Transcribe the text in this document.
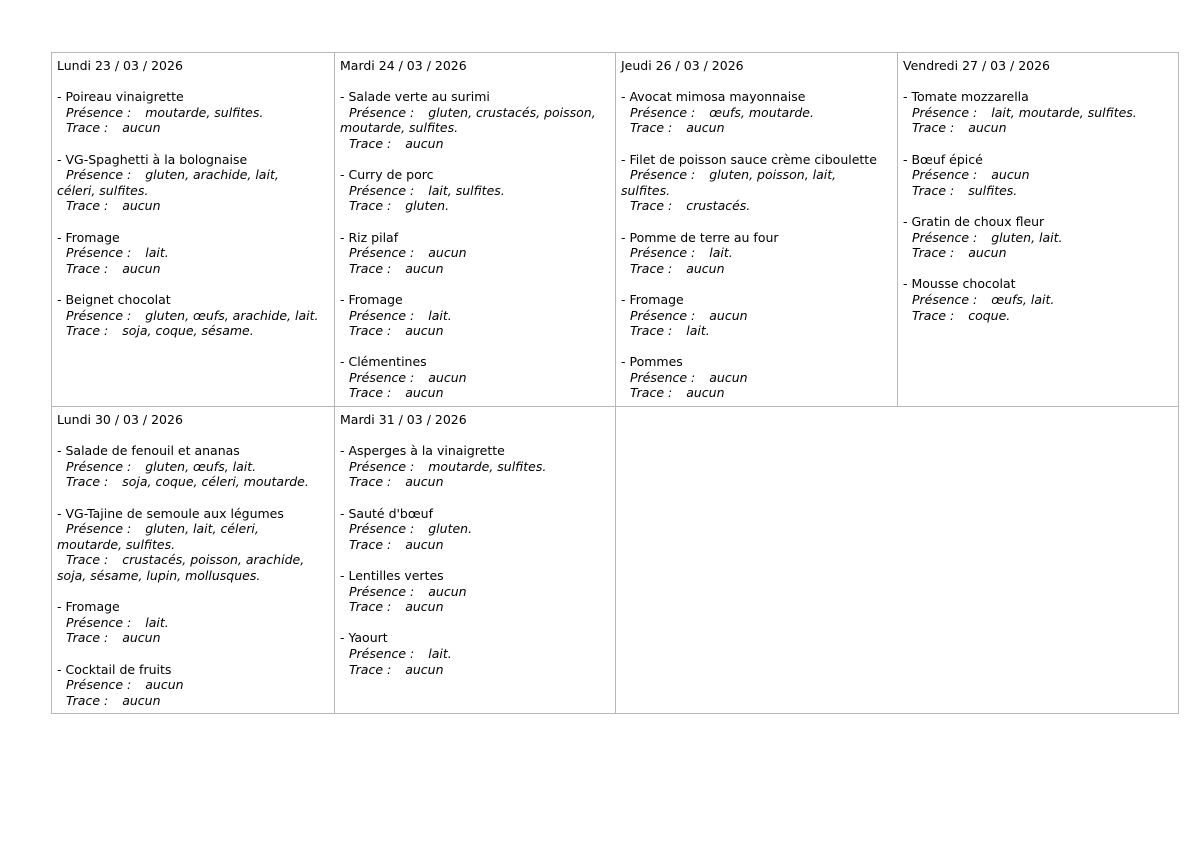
Lundi 23 / 03 / 2026
- Poireau vinaigrette
Présence : moutarde, sulfites.
Trace : aucun
- VG-Spaghetti à la bolognaise
Présence : gluten, arachide, lait,
céleri, sulfites.
Trace : aucun
- Fromage
Présence : lait.
Trace : aucun
- Beignet chocolat
Présence : gluten, œufs, arachide, lait.
Trace : soja, coque, sésame.
Mardi 24 / 03 / 2026
- Salade verte au surimi
Présence : gluten, crustacés, poisson,
moutarde, sulfites.
Trace : aucun
- Curry de porc
Présence : lait, sulfites.
Trace : gluten.
- Riz pilaf
Présence : aucun
Trace : aucun
- Fromage
Présence : lait.
Trace : aucun
- Clémentines
Présence : aucun
Trace : aucun
Jeudi 26 / 03 / 2026
- Avocat mimosa mayonnaise
Présence : œufs, moutarde.
Trace : aucun
- Filet de poisson sauce crème ciboulette
Présence : gluten, poisson, lait,
sulfites.
Trace : crustacés.
- Pomme de terre au four
Présence : lait.
Trace : aucun
- Fromage
Présence : aucun
Trace : lait.
- Pommes
Présence : aucun
Trace : aucun
Vendredi 27 / 03 / 2026
- Tomate mozzarella
Présence : lait, moutarde, sulfites.
Trace : aucun
- Bœuf épicé
Présence : aucun
Trace : sulfites.
- Gratin de choux fleur
Présence : gluten, lait.
Trace : aucun
- Mousse chocolat
Présence : œufs, lait.
Trace : coque.
Lundi 30 / 03 / 2026
- Salade de fenouil et ananas
Présence : gluten, œufs, lait.
Trace : soja, coque, céleri, moutarde.
- VG-Tajine de semoule aux légumes
Présence : gluten, lait, céleri,
moutarde, sulfites.
Trace : crustacés, poisson, arachide,
soja, sésame, lupin, mollusques.
- Fromage
Présence : lait.
Trace : aucun
- Cocktail de fruits
Présence : aucun
Trace : aucun
Mardi 31 / 03 / 2026
- Asperges à la vinaigrette
Présence : moutarde, sulfites.
Trace : aucun
- Sauté d'bœuf
Présence : gluten.
Trace : aucun
- Lentilles vertes
Présence : aucun
Trace : aucun
- Yaourt
Présence : lait.
Trace : aucun
